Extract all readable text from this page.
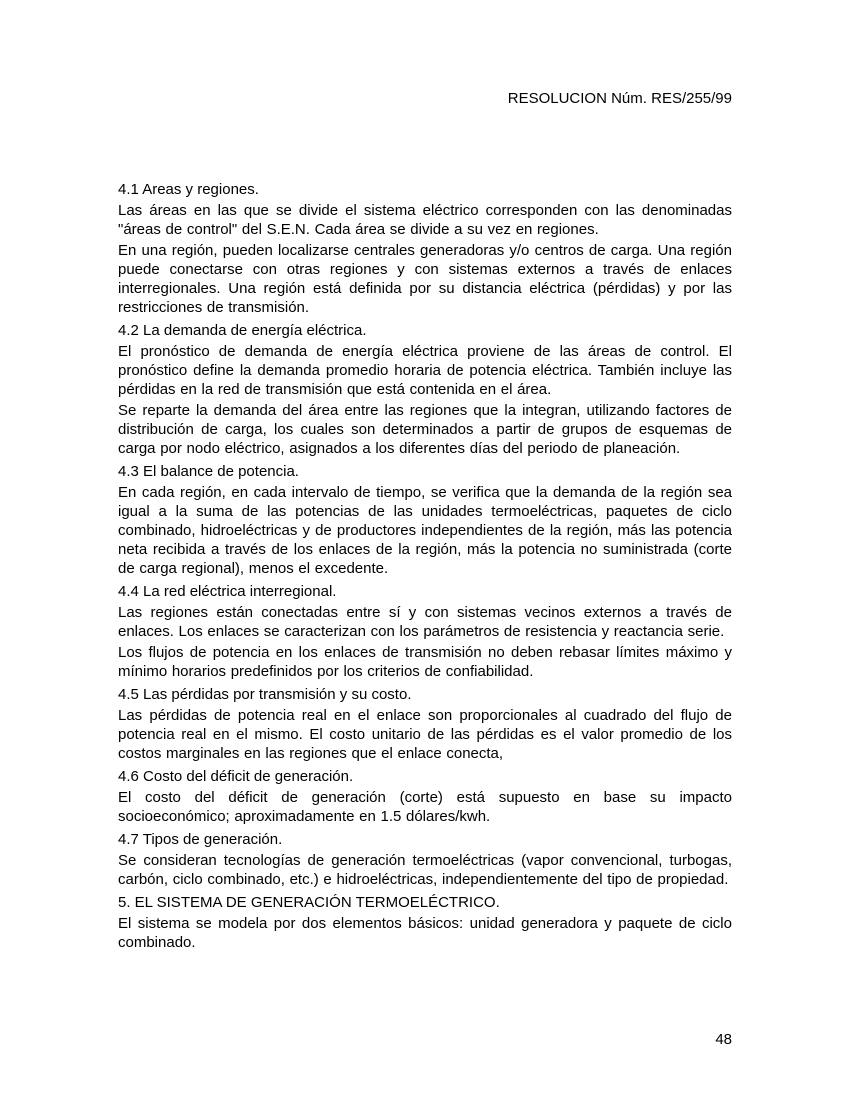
RESOLUCION Núm. RES/255/99
4.1 Areas y regiones.

Las áreas en las que se divide el sistema eléctrico corresponden con las denominadas "áreas de control" del S.E.N. Cada área se divide a su vez en regiones.

En una región, pueden localizarse centrales generadoras y/o centros de carga. Una región puede conectarse con otras regiones y con sistemas externos a través de enlaces interregionales. Una región está definida por su distancia eléctrica (pérdidas) y por las restricciones de transmisión.

4.2 La demanda de energía eléctrica.

El pronóstico de demanda de energía eléctrica proviene de las áreas de control. El pronóstico define la demanda promedio horaria de potencia eléctrica. También incluye las pérdidas en la red de transmisión que está contenida en el área.

Se reparte la demanda del área entre las regiones que la integran, utilizando factores de distribución de carga, los cuales son determinados a partir de grupos de esquemas de carga por nodo eléctrico, asignados a los diferentes días del periodo de planeación.

4.3 El balance de potencia.

En cada región, en cada intervalo de tiempo, se verifica que la demanda de la región sea igual a la suma de las potencias de las unidades termoeléctricas, paquetes de ciclo combinado, hidroeléctricas y de productores independientes de la región, más las potencia neta recibida a través de los enlaces de la región, más la potencia no suministrada (corte de carga regional), menos el excedente.

4.4 La red eléctrica interregional.

Las regiones están conectadas entre sí y con sistemas vecinos externos a través de enlaces. Los enlaces se caracterizan con los parámetros de resistencia y reactancia serie.

Los flujos de potencia en los enlaces de transmisión no deben rebasar límites máximo y mínimo horarios predefinidos por los criterios de confiabilidad.

4.5 Las pérdidas por transmisión y su costo.

Las pérdidas de potencia real en el enlace son proporcionales al cuadrado del flujo de potencia real en el mismo. El costo unitario de las pérdidas es el valor promedio de los costos marginales en las regiones que el enlace conecta,

4.6 Costo del déficit de generación.

El costo del déficit de generación (corte) está supuesto en base su impacto socioeconómico; aproximadamente en 1.5 dólares/kwh.

4.7 Tipos de generación.

Se consideran tecnologías de generación termoeléctricas (vapor convencional, turbogas, carbón, ciclo combinado, etc.) e hidroeléctricas, independientemente del tipo de propiedad.

5. EL SISTEMA DE GENERACIÓN TERMOELÉCTRICO.

El sistema se modela por dos elementos básicos: unidad generadora y paquete de ciclo combinado.

48
